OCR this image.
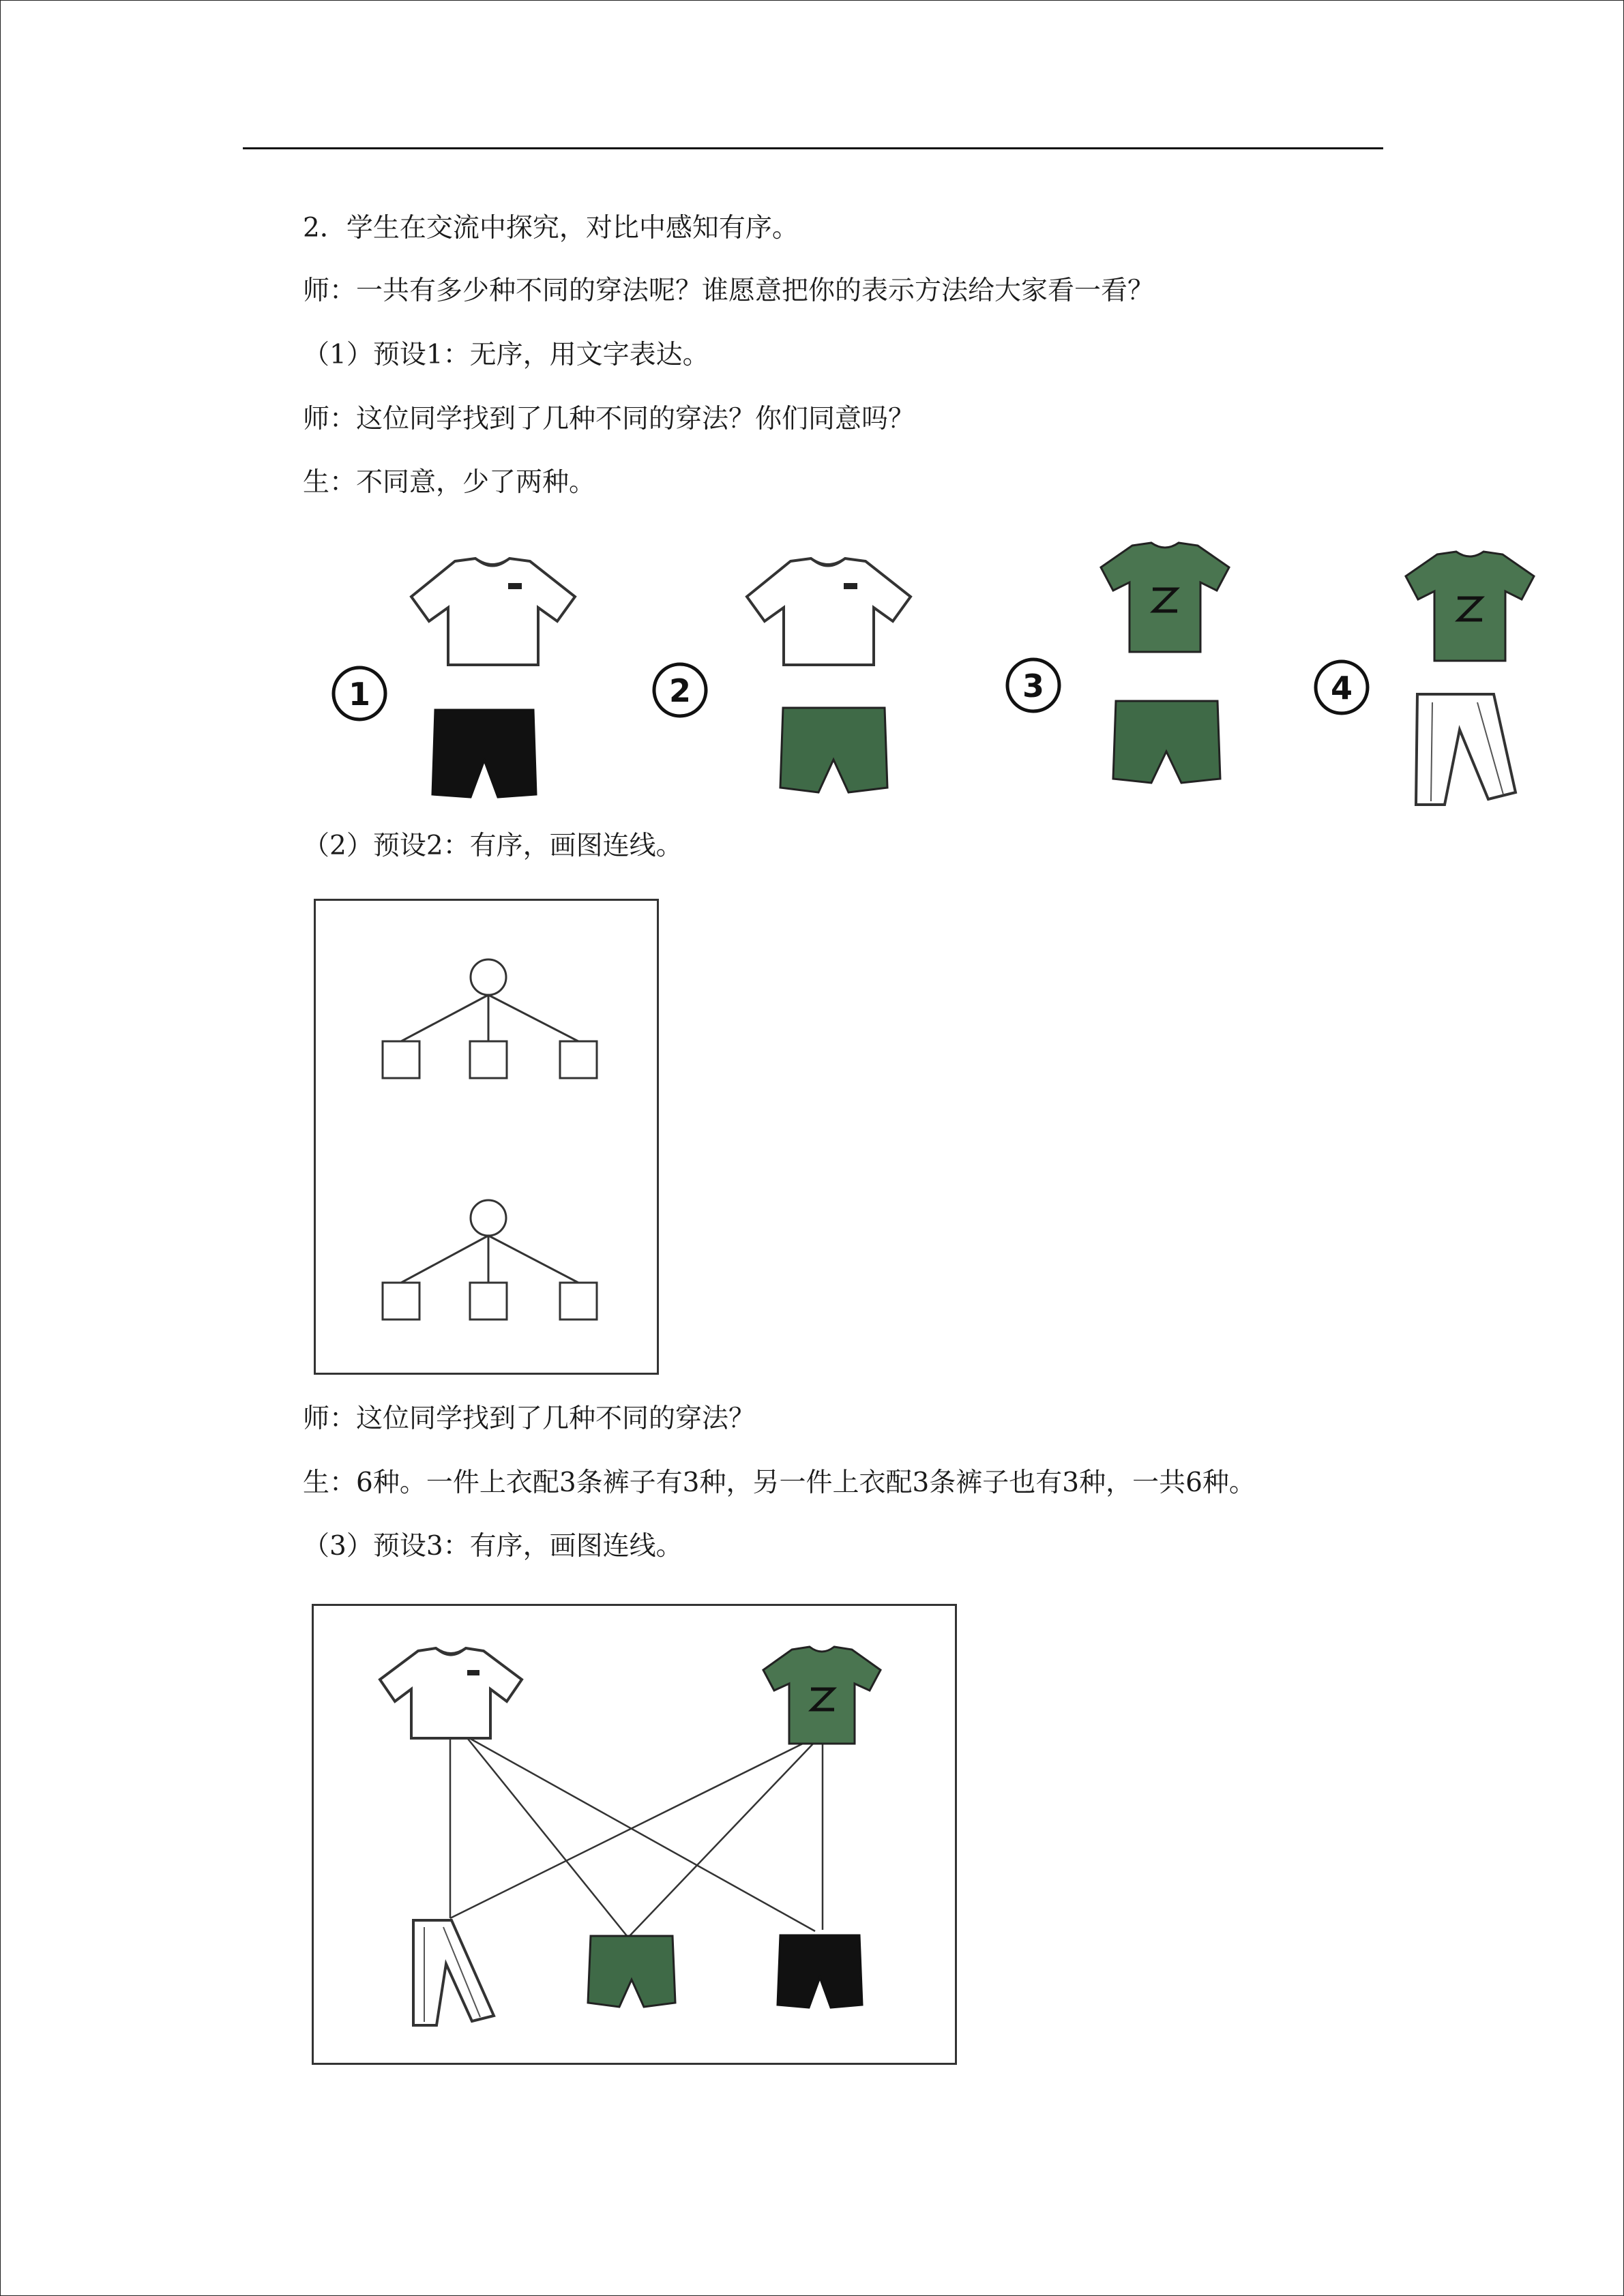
2．学生在交流中探究，对比中感知有序。
师：一共有多少种不同的穿法呢？谁愿意把你的表示方法给大家看一看？
（1）预设1：无序，用文字表达。
师：这位同学找到了几种不同的穿法？你们同意吗？
生：不同意，少了两种。
1	2	3	4
（2）预设2：有序，画图连线。
师：这位同学找到了几种不同的穿法？
生：6种。一件上衣配3条裤子有3种，另一件上衣配3条裤子也有3种，一共6种。
（3）预设3：有序，画图连线。
